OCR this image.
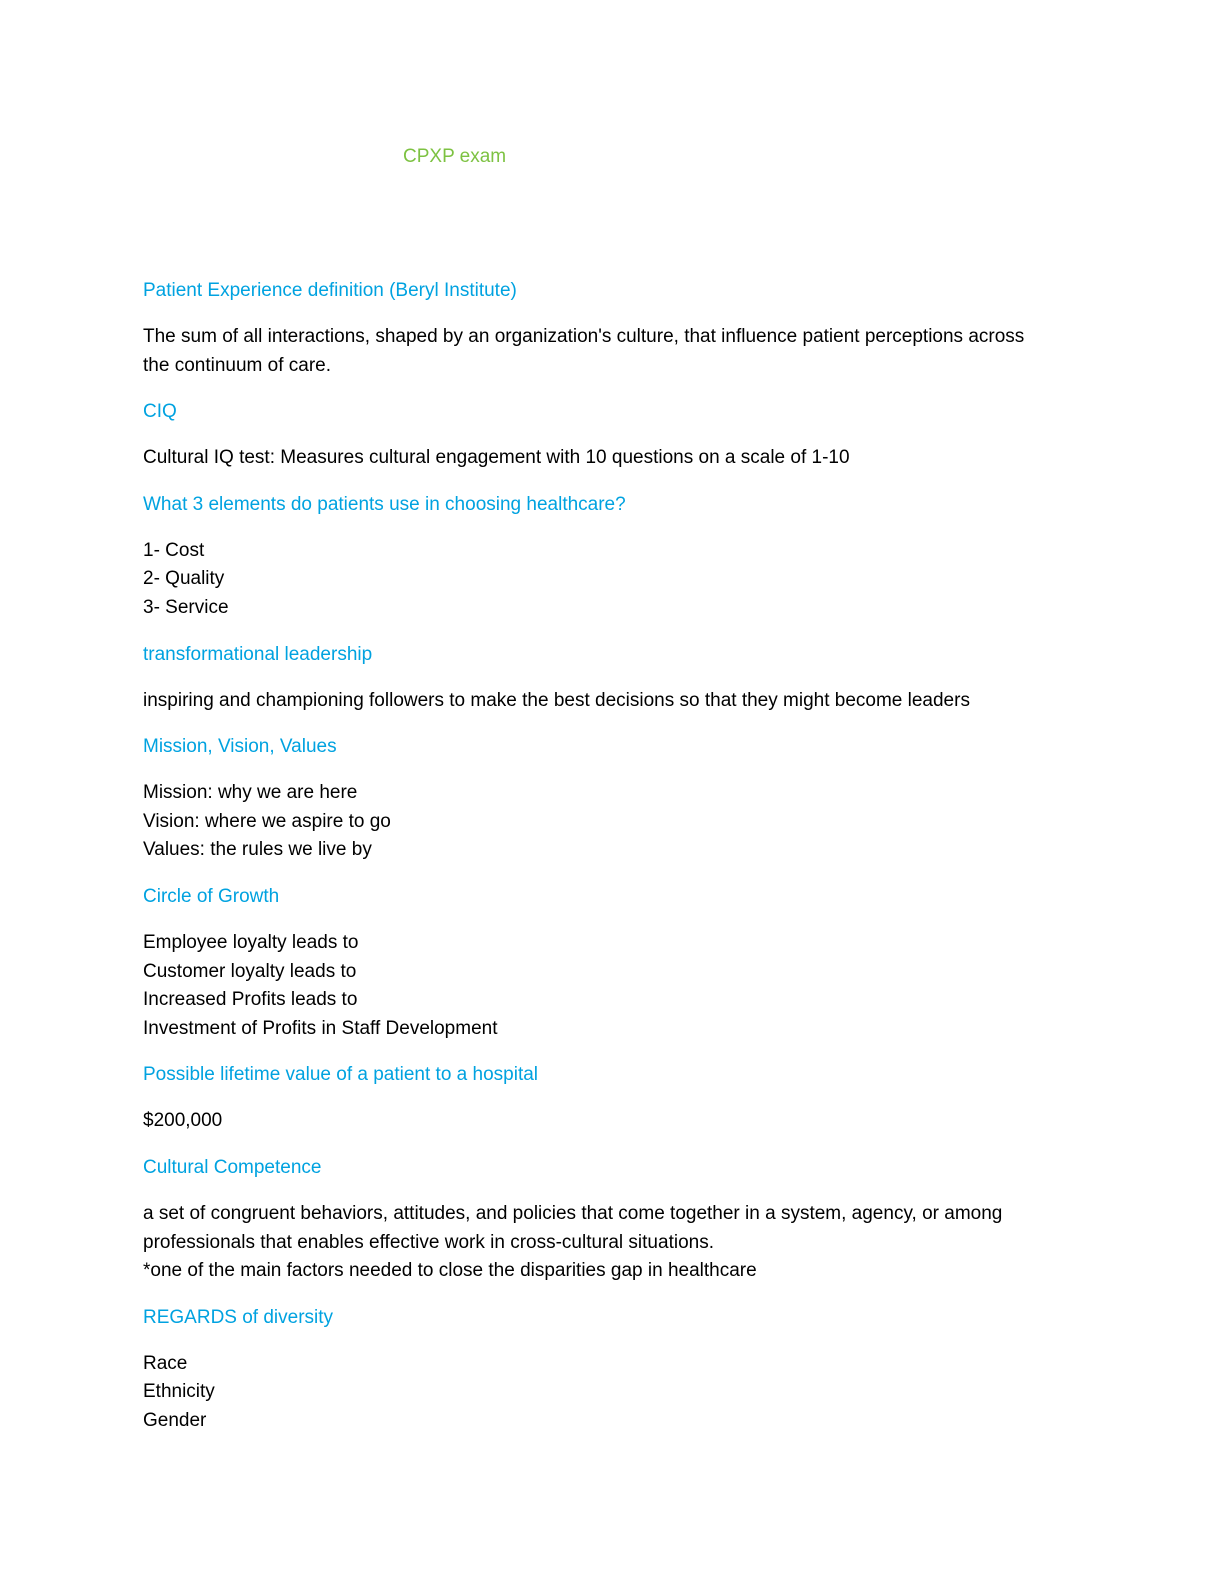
CPXP exam
Patient Experience definition (Beryl Institute)
The sum of all interactions, shaped by an organization's culture, that influence patient perceptions across
the continuum of care.
CIQ
Cultural IQ test: Measures cultural engagement with 10 questions on a scale of 1-10
What 3 elements do patients use in choosing healthcare?
1- Cost
2- Quality
3- Service
transformational leadership
inspiring and championing followers to make the best decisions so that they might become leaders
Mission, Vision, Values
Mission: why we are here
Vision: where we aspire to go
Values: the rules we live by
Circle of Growth
Employee loyalty leads to
Customer loyalty leads to
Increased Profits leads to
Investment of Profits in Staff Development
Possible lifetime value of a patient to a hospital
$200,000
Cultural Competence
a set of congruent behaviors, attitudes, and policies that come together in a system, agency, or among
professionals that enables effective work in cross-cultural situations.
*one of the main factors needed to close the disparities gap in healthcare
REGARDS of diversity
Race
Ethnicity
Gender
